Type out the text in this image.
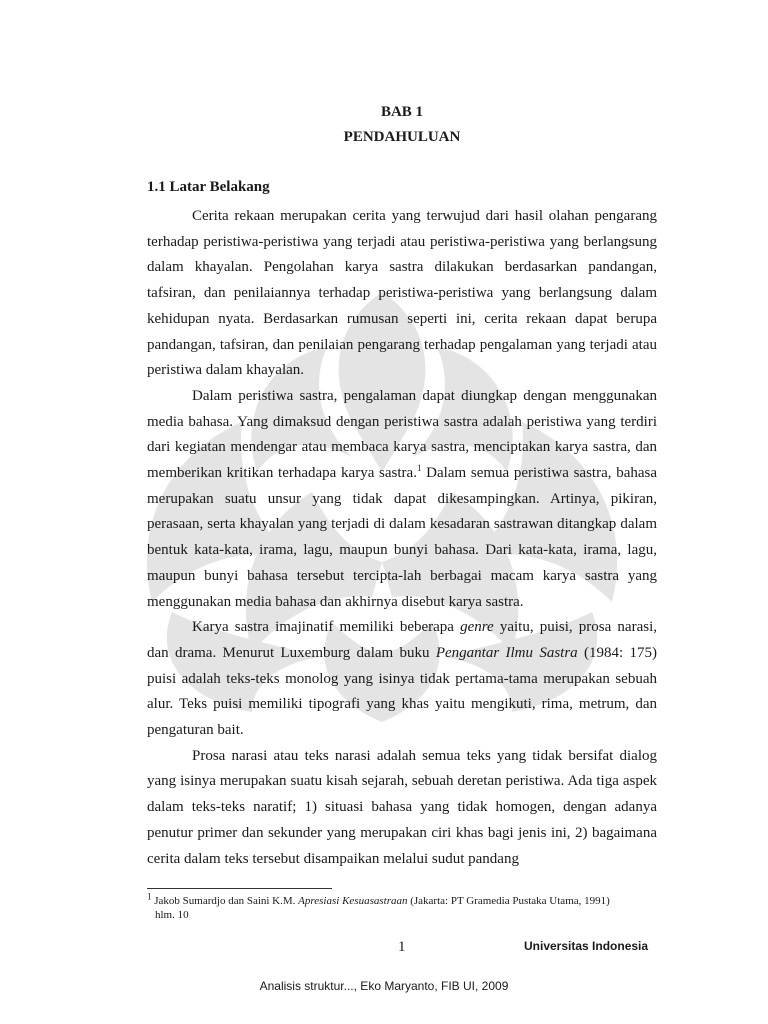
BAB 1
PENDAHULUAN
1.1 Latar Belakang

Cerita rekaan merupakan cerita yang terwujud dari hasil olahan pengarang terhadap peristiwa-peristiwa yang terjadi atau peristiwa-peristiwa yang berlangsung dalam khayalan. Pengolahan karya sastra dilakukan berdasarkan pandangan, tafsiran, dan penilaiannya terhadap peristiwa-peristiwa yang berlangsung dalam kehidupan nyata. Berdasarkan rumusan seperti ini, cerita rekaan dapat berupa pandangan, tafsiran, dan penilaian pengarang terhadap pengalaman yang terjadi atau peristiwa dalam khayalan.

Dalam peristiwa sastra, pengalaman dapat diungkap dengan menggunakan media bahasa. Yang dimaksud dengan peristiwa sastra adalah peristiwa yang terdiri dari kegiatan mendengar atau membaca karya sastra, menciptakan karya sastra, dan memberikan kritikan terhadapa karya sastra.$^1$ Dalam semua peristiwa sastra, bahasa merupakan suatu unsur yang tidak dapat dikesampingkan. Artinya, pikiran, perasaan, serta khayalan yang terjadi di dalam kesadaran sastrawan ditangkap dalam bentuk kata-kata, irama, lagu, maupun bunyi bahasa. Dari kata-kata, irama, lagu, maupun bunyi bahasa tersebut tercipta-lah berbagai macam karya sastra yang menggunakan media bahasa dan akhirnya disebut karya sastra.

Karya sastra imajinatif memiliki beberapa genre yaitu, puisi, prosa narasi, dan drama. Menurut Luxemburg dalam buku Pengantar Ilmu Sastra (1984: 175) puisi adalah teks-teks monolog yang isinya tidak pertama-tama merupakan sebuah alur. Teks puisi memiliki tipografi yang khas yaitu mengikuti, rima, metrum, dan pengaturan bait.

Prosa narasi atau teks narasi adalah semua teks yang tidak bersifat dialog yang isinya merupakan suatu kisah sejarah, sebuah deretan peristiwa. Ada tiga aspek dalam teks-teks naratif; 1) situasi bahasa yang tidak homogen, dengan adanya penutur primer dan sekunder yang merupakan ciri khas bagi jenis ini, 2) bagaimana cerita dalam teks tersebut disampaikan melalui sudut pandang

$^1$ Jakob Sumardjo dan Saini K.M. Apresiasi Kesuasastraan (Jakarta: PT Gramedia Pustaka Utama, 1991)
hlm. 10
1	Universitas Indonesia
Analisis struktur..., Eko Maryanto, FIB UI, 2009
